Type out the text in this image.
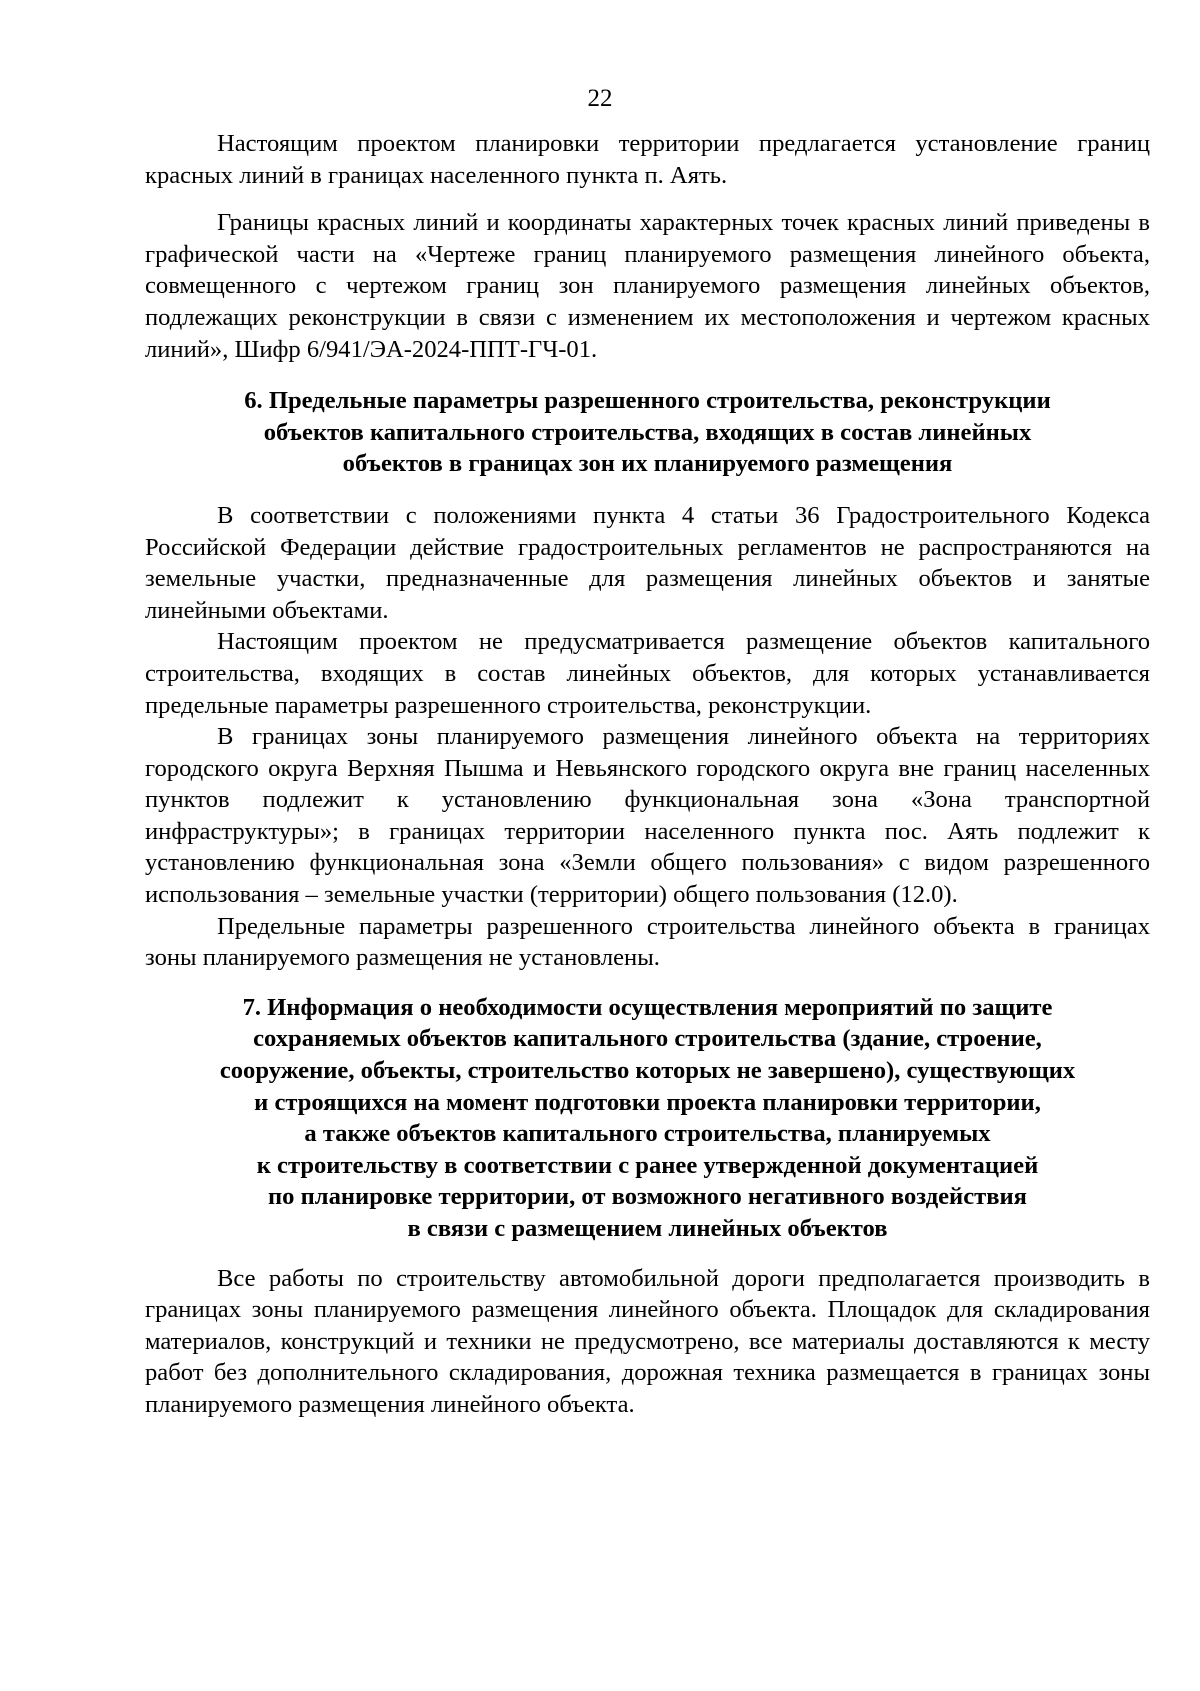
22

Настоящим проектом планировки территории предлагается установление границ красных линий в границах населенного пункта п. Аять.

Границы красных линий и координаты характерных точек красных линий приведены в графической части на «Чертеже границ планируемого размещения линейного объекта, совмещенного с чертежом границ зон планируемого размещения линейных объектов, подлежащих реконструкции в связи с изменением их местоположения и чертежом красных линий», Шифр 6/941/ЭА-2024-ППТ-ГЧ-01.

6. Предельные параметры разрешенного строительства, реконструкции
объектов капитального строительства, входящих в состав линейных
объектов в границах зон их планируемого размещения

В соответствии с положениями пункта 4 статьи 36 Градостроительного Кодекса Российской Федерации действие градостроительных регламентов не распространяются на земельные участки, предназначенные для размещения линейных объектов и занятые линейными объектами.

Настоящим проектом не предусматривается размещение объектов капитального строительства, входящих в состав линейных объектов, для которых устанавливается предельные параметры разрешенного строительства, реконструкции.

В границах зоны планируемого размещения линейного объекта на территориях городского округа Верхняя Пышма и Невьянского городского округа вне границ населенных пунктов подлежит к установлению функциональная зона «Зона транспортной инфраструктуры»; в границах территории населенного пункта пос. Аять подлежит к установлению функциональная зона «Земли общего пользования» с видом разрешенного использования – земельные участки (территории) общего пользования (12.0).

Предельные параметры разрешенного строительства линейного объекта в границах зоны планируемого размещения не установлены.

7. Информация о необходимости осуществления мероприятий по защите
сохраняемых объектов капитального строительства (здание, строение,
сооружение, объекты, строительство которых не завершено), существующих
и строящихся на момент подготовки проекта планировки территории,
а также объектов капитального строительства, планируемых
к строительству в соответствии с ранее утвержденной документацией
по планировке территории, от возможного негативного воздействия
в связи с размещением линейных объектов

Все работы по строительству автомобильной дороги предполагается производить в границах зоны планируемого размещения линейного объекта. Площадок для складирования материалов, конструкций и техники не предусмотрено, все материалы доставляются к месту работ без дополнительного складирования, дорожная техника размещается в границах зоны планируемого размещения линейного объекта.
